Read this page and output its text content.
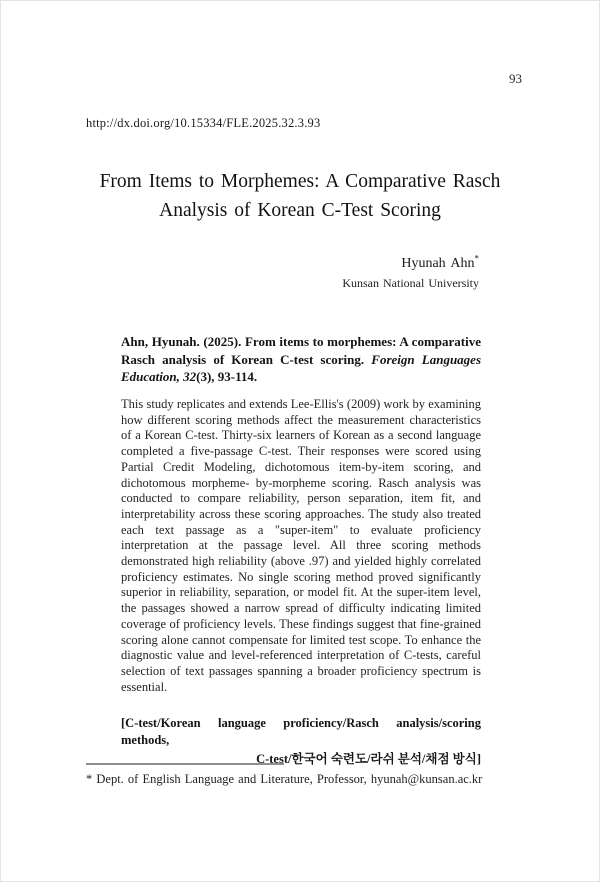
93
http://dx.doi.org/10.15334/FLE.2025.32.3.93
From Items to Morphemes: A Comparative Rasch
Analysis of Korean C-Test Scoring
Hyunah Ahn*
Kunsan National University

Ahn, Hyunah. (2025). From items to morphemes: A comparative Rasch analysis of Korean C-test scoring. Foreign Languages Education, 32(3), 93-114.

This study replicates and extends Lee-Ellis's (2009) work by examining how different scoring methods affect the measurement characteristics of a Korean C-test. Thirty-six learners of Korean as a second language completed a five-passage C-test. Their responses were scored using Partial Credit Modeling, dichotomous item-by-item scoring, and dichotomous morpheme- by-morpheme scoring. Rasch analysis was conducted to compare reliability, person separation, item fit, and interpretability across these scoring approaches. The study also treated each text passage as a "super-item" to evaluate proficiency interpretation at the passage level. All three scoring methods demonstrated high reliability (above .97) and yielded highly correlated proficiency estimates. No single scoring method proved significantly superior in reliability, separation, or model fit. At the super-item level, the passages showed a narrow spread of difficulty indicating limited coverage of proficiency levels. These findings suggest that fine-grained scoring alone cannot compensate for limited test scope. To enhance the diagnostic value and level-referenced interpretation of C-tests, careful selection of text passages spanning a broader proficiency spectrum is essential.

[C-test/Korean language proficiency/Rasch analysis/scoring methods,
C-test/한국어 숙련도/라쉬 분석/채점 방식]

* Dept. of English Language and Literature, Professor, hyunah@kunsan.ac.kr
